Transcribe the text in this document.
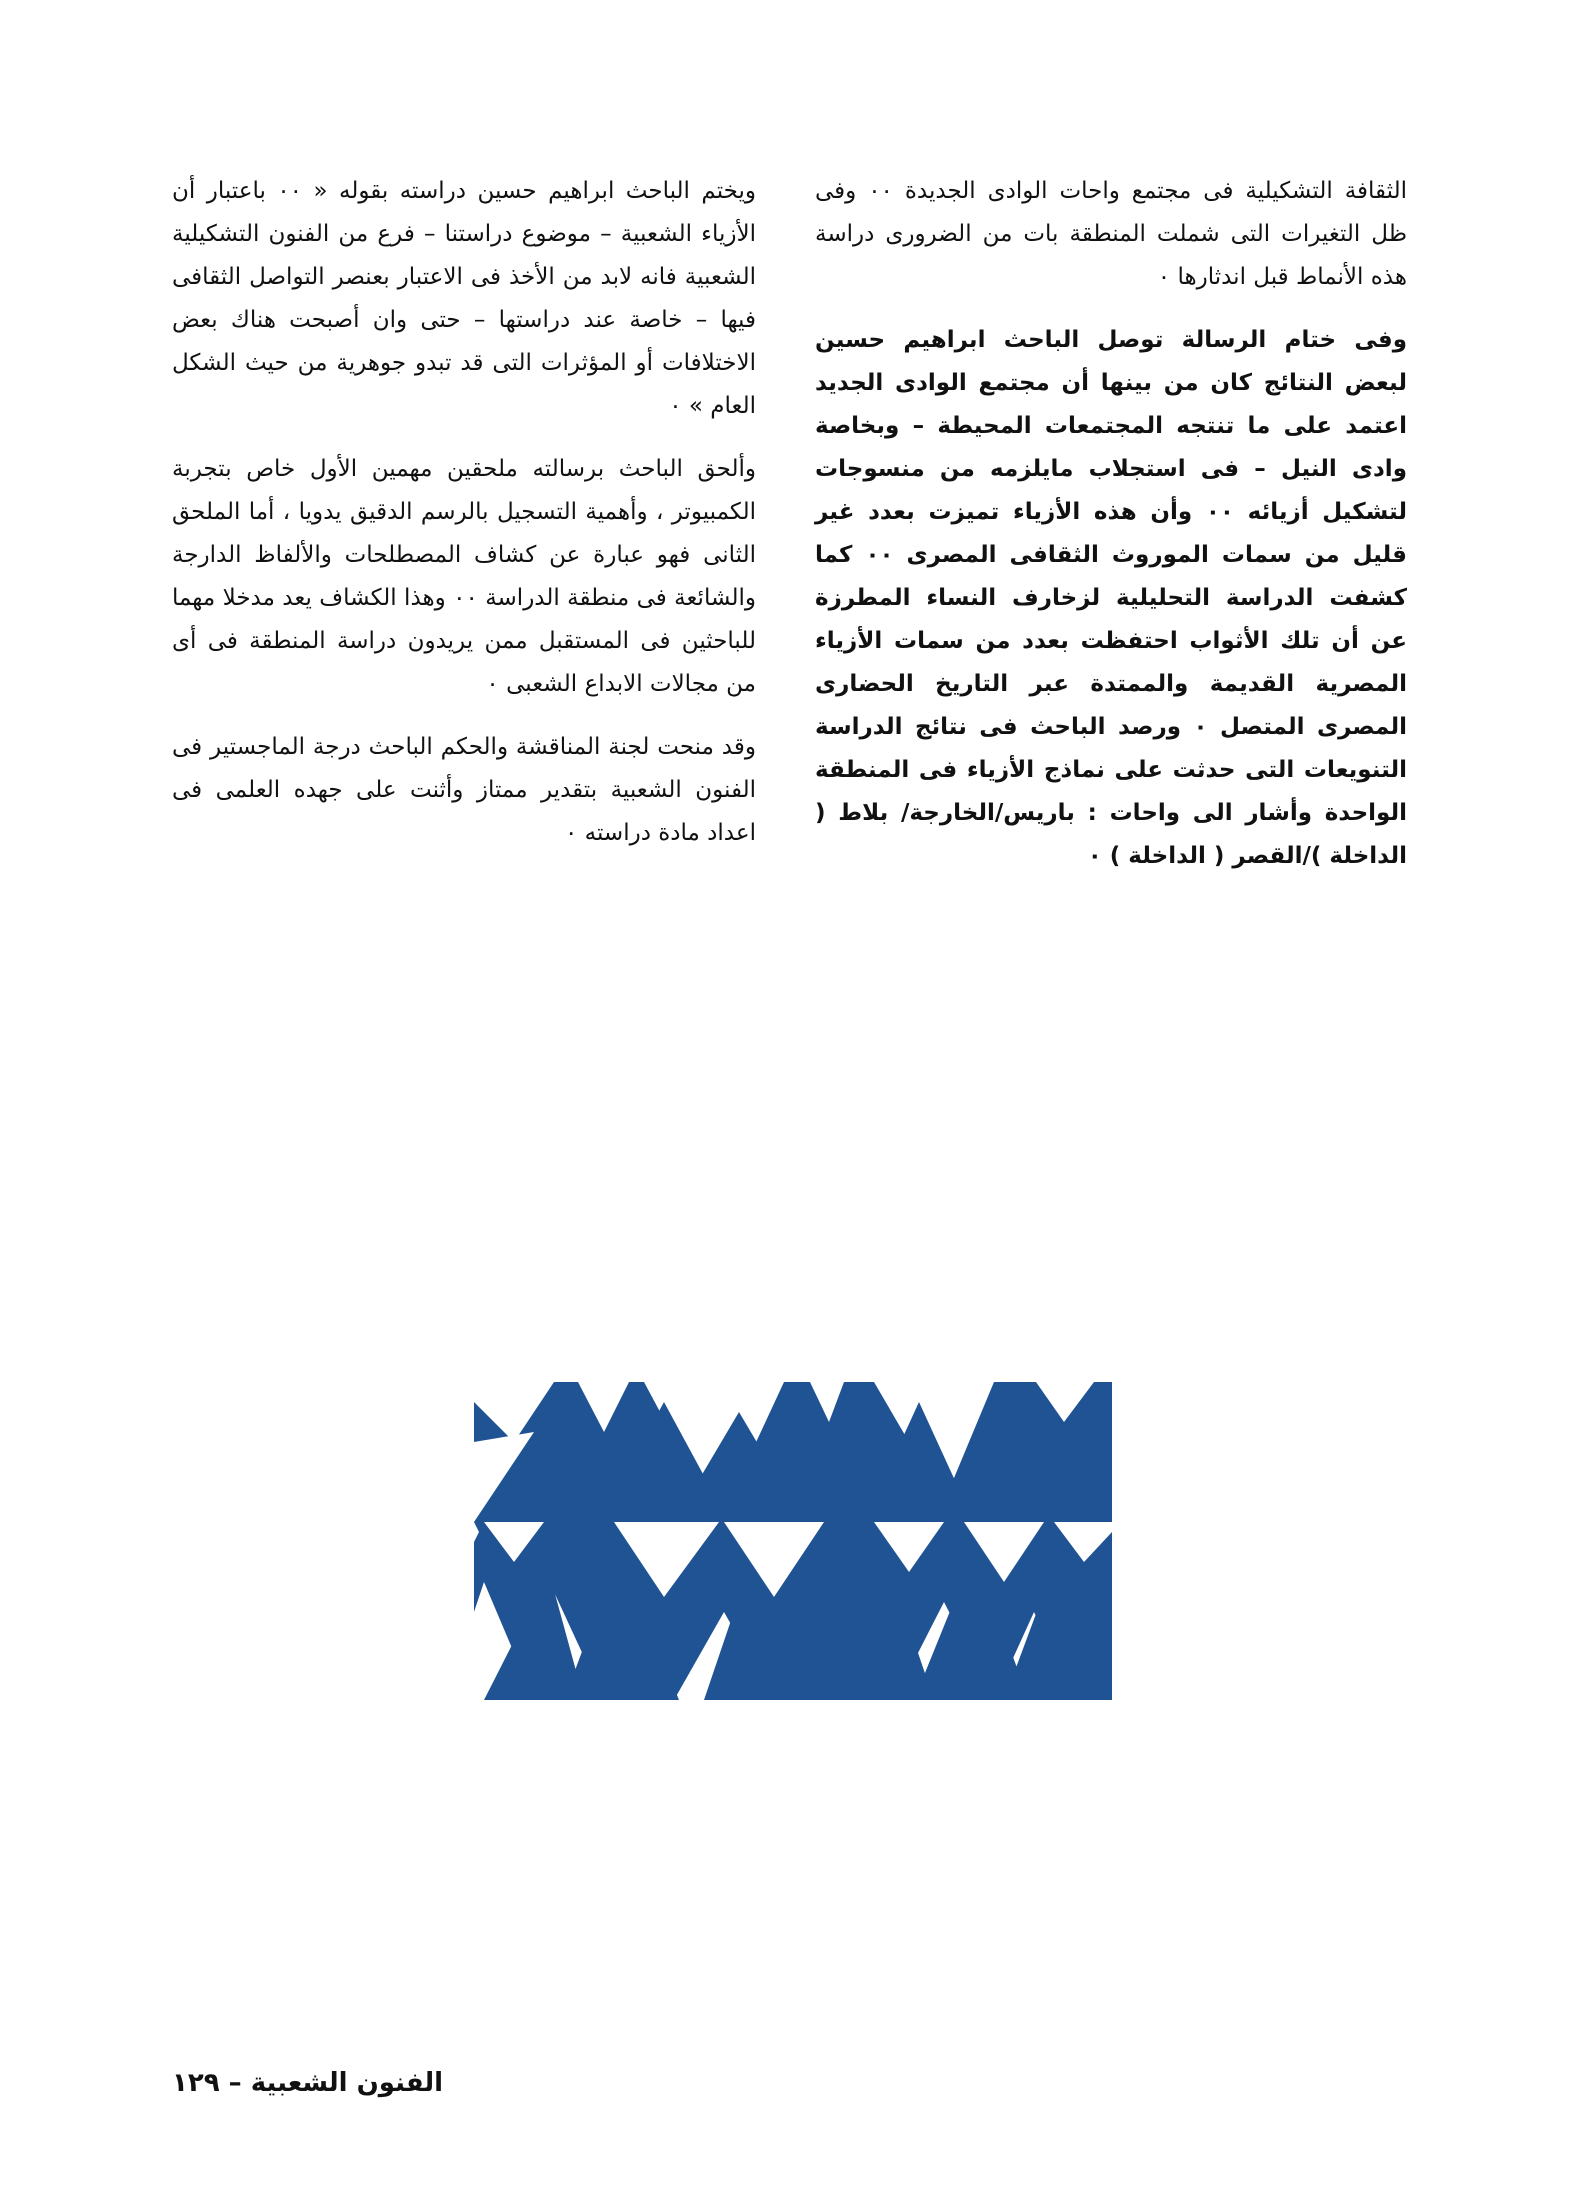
الثقافة التشكيلية فى مجتمع واحات الوادى الجديدة ٠٠ وفى ظل التغيرات التى شملت المنطقة بات من الضرورى دراسة هذه الأنماط قبل اندثارها ٠

وفى ختام الرسالة توصل الباحث ابراهيم حسين لبعض النتائج كان من بينها أن مجتمع الوادى الجديد اعتمد على ما تنتجه المجتمعات المحيطة – وبخاصة وادى النيل – فى استجلاب مايلزمه من منسوجات لتشكيل أزيائه ٠٠ وأن هذه الأزياء تميزت بعدد غير قليل من سمات الموروث الثقافى المصرى ٠٠ كما كشفت الدراسة التحليلية لزخارف النساء المطرزة عن أن تلك الأثواب احتفظت بعدد من سمات الأزياء المصرية القديمة والممتدة عبر التاريخ الحضارى المصرى المتصل ٠ ورصد الباحث فى نتائج الدراسة التنويعات التى حدثت على نماذج الأزياء فى المنطقة الواحدة وأشار الى واحات : باريس/الخارجة/ بلاط ( الداخلة )/القصر ( الداخلة ) ٠

ويختم الباحث ابراهيم حسين دراسته بقوله « ٠٠ باعتبار أن الأزياء الشعبية – موضوع دراستنا – فرع من الفنون التشكيلية الشعبية فانه لابد من الأخذ فى الاعتبار بعنصر التواصل الثقافى فيها – خاصة عند دراستها – حتى وان أصبحت هناك بعض الاختلافات أو المؤثرات التى قد تبدو جوهرية من حيث الشكل العام » ٠

وألحق الباحث برسالته ملحقين مهمين الأول خاص بتجربة الكمبيوتر ، وأهمية التسجيل بالرسم الدقيق يدويا ، أما الملحق الثانى فهو عبارة عن كشاف المصطلحات والألفاظ الدارجة والشائعة فى منطقة الدراسة ٠٠ وهذا الكشاف يعد مدخلا مهما للباحثين فى المستقبل ممن يريدون دراسة المنطقة فى أى من مجالات الابداع الشعبى ٠

وقد منحت لجنة المناقشة والحكم الباحث درجة الماجستير فى الفنون الشعبية بتقدير ممتاز وأثنت على جهده العلمى فى اعداد مادة دراسته ٠

الفنون الشعبية – ١٢٩
